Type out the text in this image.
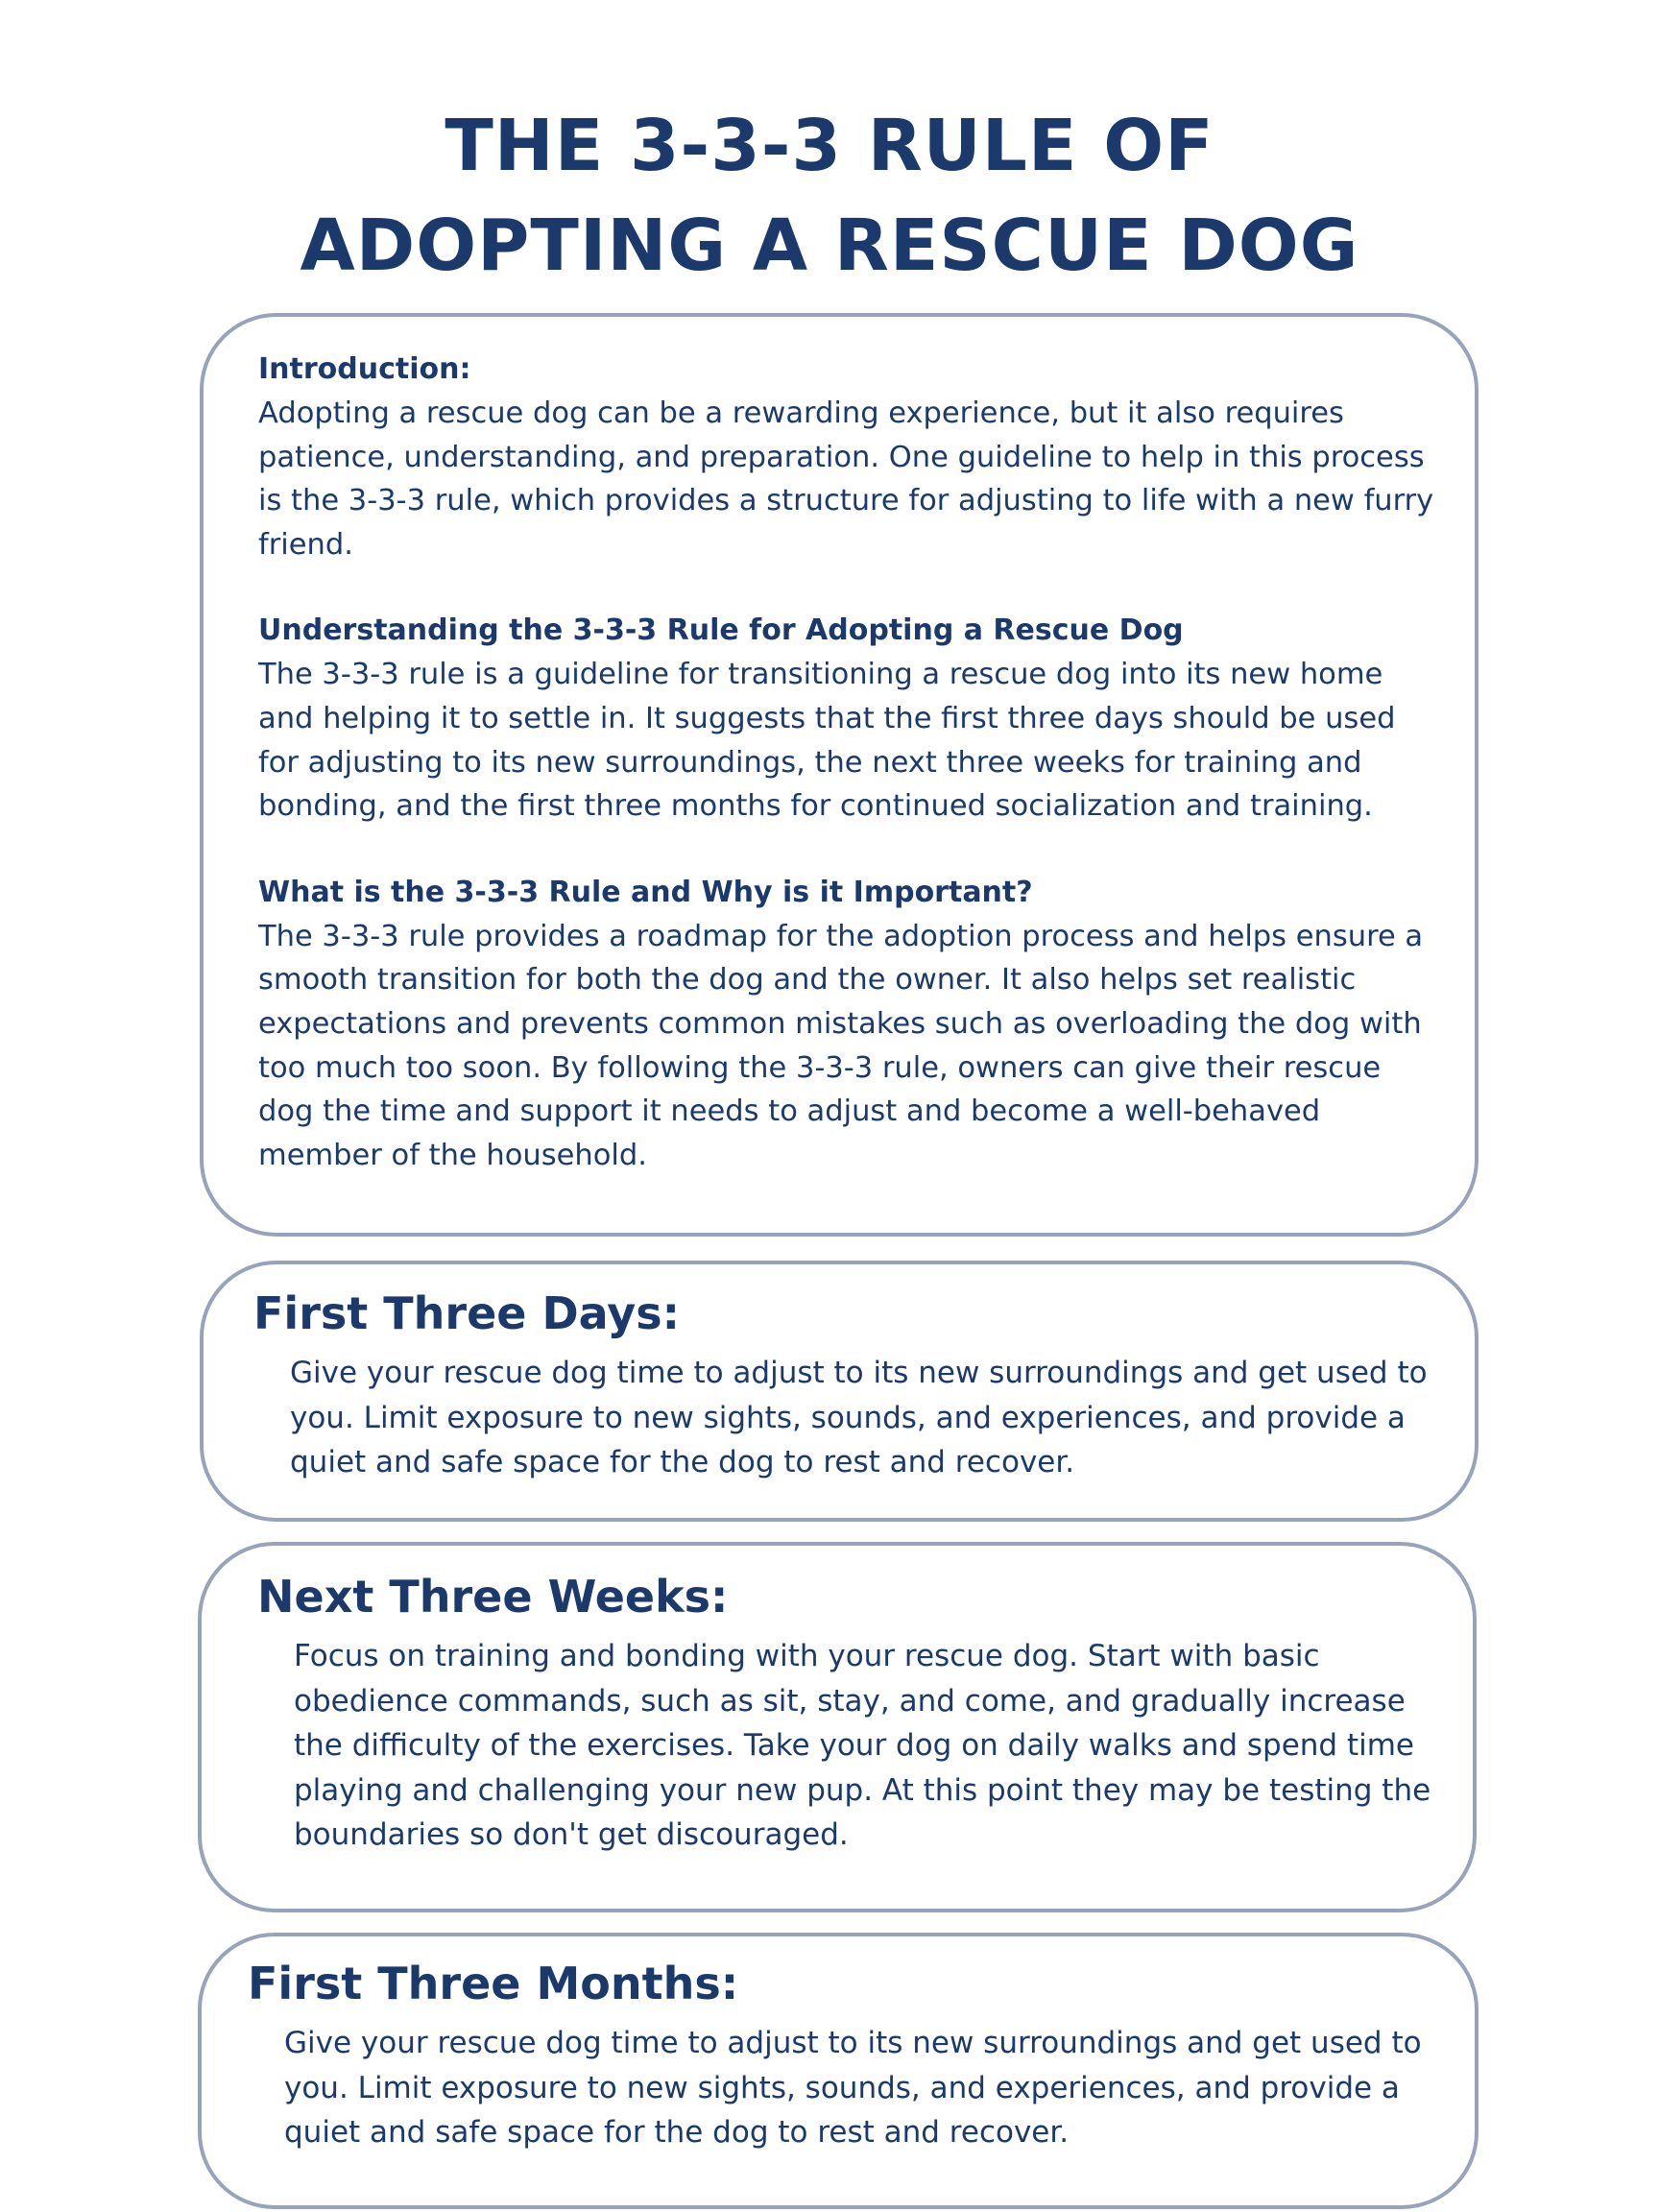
THE 3-3-3 RULE OF
ADOPTING A RESCUE DOG

Introduction:

Adopting a rescue dog can be a rewarding experience, but it also requires patience, understanding, and preparation. One guideline to help in this process is the 3-3-3 rule, which provides a structure for adjusting to life with a new furry friend.

Understanding the 3-3-3 Rule for Adopting a Rescue Dog

The 3-3-3 rule is a guideline for transitioning a rescue dog into its new home and helping it to settle in. It suggests that the first three days should be used for adjusting to its new surroundings, the next three weeks for training and bonding, and the first three months for continued socialization and training.

What is the 3-3-3 Rule and Why is it Important?

The 3-3-3 rule provides a roadmap for the adoption process and helps ensure a smooth transition for both the dog and the owner. It also helps set realistic expectations and prevents common mistakes such as overloading the dog with too much too soon. By following the 3-3-3 rule, owners can give their rescue dog the time and support it needs to adjust and become a well-behaved member of the household.

First Three Days:

Give your rescue dog time to adjust to its new surroundings and get used to you. Limit exposure to new sights, sounds, and experiences, and provide a quiet and safe space for the dog to rest and recover.

Next Three Weeks:

Focus on training and bonding with your rescue dog. Start with basic obedience commands, such as sit, stay, and come, and gradually increase the difficulty of the exercises. Take your dog on daily walks and spend time playing and challenging your new pup. At this point they may be testing the boundaries so don't get discouraged.

First Three Months:

Give your rescue dog time to adjust to its new surroundings and get used to you. Limit exposure to new sights, sounds, and experiences, and provide a quiet and safe space for the dog to rest and recover.
